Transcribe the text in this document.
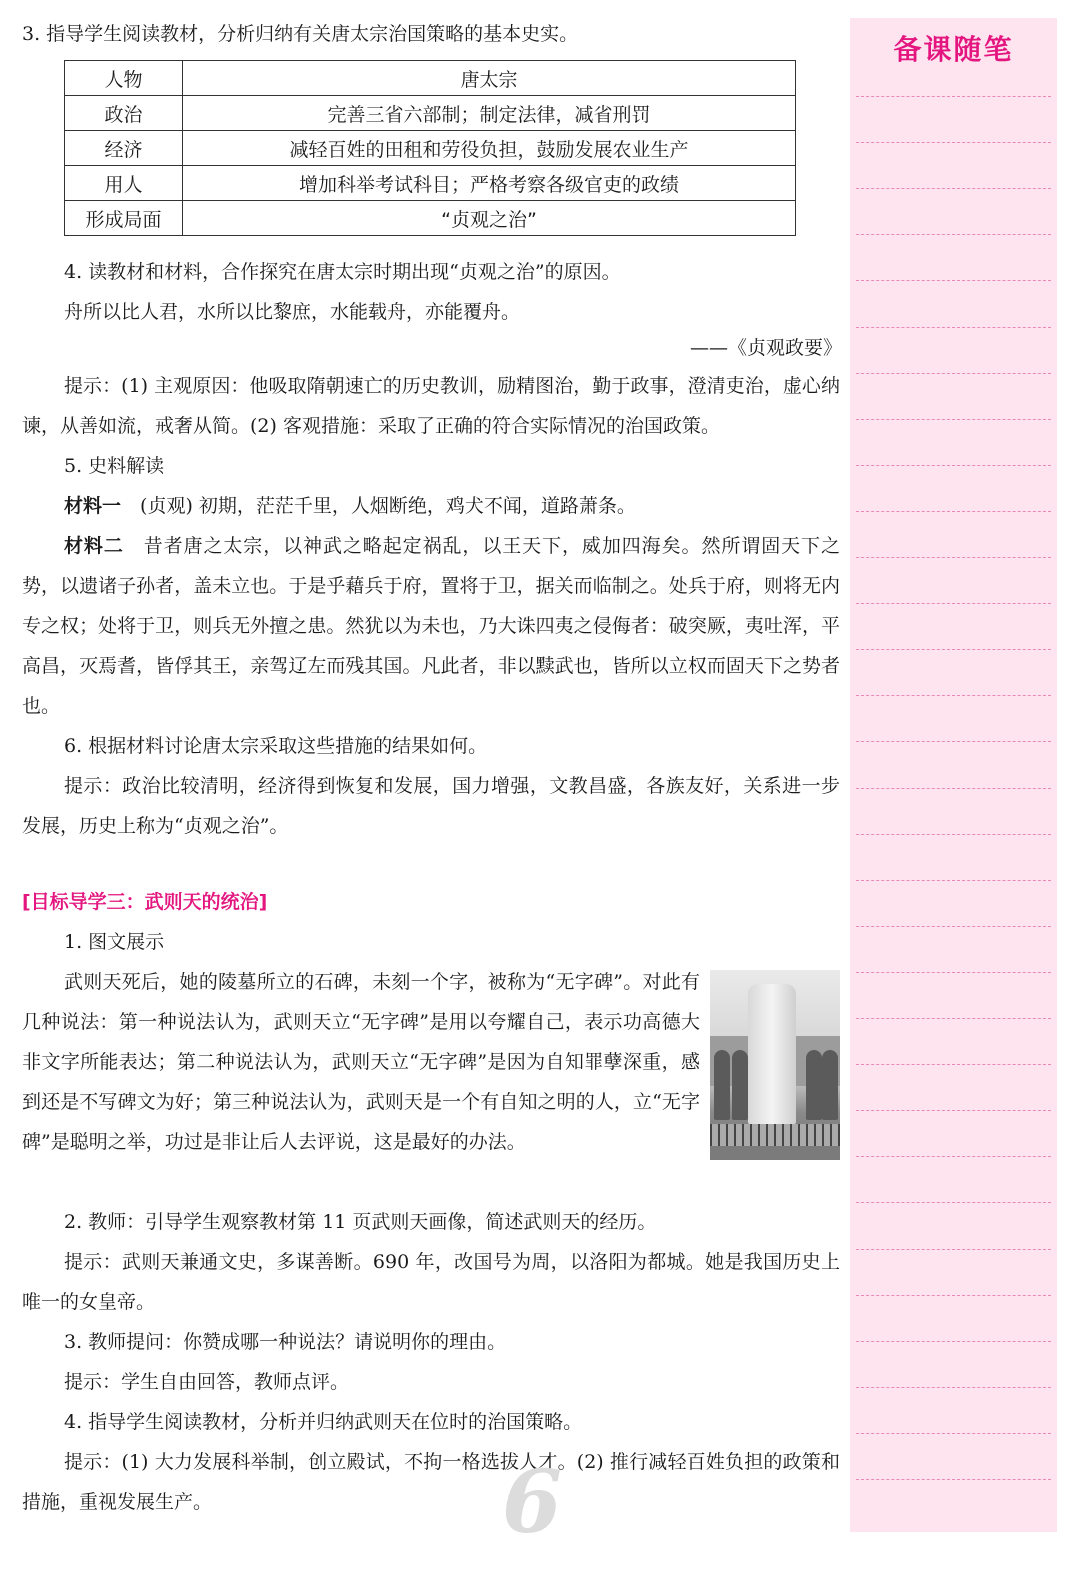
3. 指导学生阅读教材，分析归纳有关唐太宗治国策略的基本史实。
人物	唐太宗
政治	完善三省六部制；制定法律，减省刑罚
经济	减轻百姓的田租和劳役负担，鼓励发展农业生产
用人	增加科举考试科目；严格考察各级官吏的政绩
形成局面	“贞观之治”

4. 读教材和材料，合作探究在唐太宗时期出现“贞观之治”的原因。

舟所以比人君，水所以比黎庶，水能载舟，亦能覆舟。

——《贞观政要》

提示：(1) 主观原因：他吸取隋朝速亡的历史教训，励精图治，勤于政事，澄清吏治，虚心纳谏，从善如流，戒奢从简。(2) 客观措施：采取了正确的符合实际情况的治国政策。

5. 史料解读

材料一　 (贞观) 初期，茫茫千里，人烟断绝，鸡犬不闻，道路萧条。

材料二　 昔者唐之太宗，以神武之略起定祸乱，以王天下，威加四海矣。然所谓固天下之势，以遗诸子孙者，盖未立也。于是乎藉兵于府，置将于卫，据关而临制之。处兵于府，则将无内专之权；处将于卫，则兵无外擅之患。然犹以为未也，乃大诛四夷之侵侮者：破突厥，夷吐浑，平高昌，灭焉耆，皆俘其王，亲驾辽左而残其国。凡此者，非以黩武也，皆所以立权而固天下之势者也。

6. 根据材料讨论唐太宗采取这些措施的结果如何。

提示：政治比较清明，经济得到恢复和发展，国力增强，文教昌盛，各族友好，关系进一步发展，历史上称为“贞观之治”。

[目标导学三：武则天的统治]

1. 图文展示

武则天死后，她的陵墓所立的石碑，未刻一个字，被称为“无字碑”。对此有几种说法：第一种说法认为，武则天立“无字碑”是用以夸耀自己，表示功高德大非文字所能表达；第二种说法认为，武则天立“无字碑”是因为自知罪孽深重，感到还是不写碑文为好；第三种说法认为，武则天是一个有自知之明的人，立“无字碑”是聪明之举，功过是非让后人去评说，这是最好的办法。

2. 教师：引导学生观察教材第 11 页武则天画像，简述武则天的经历。

提示：武则天兼通文史，多谋善断。690 年，改国号为周，以洛阳为都城。她是我国历史上唯一的女皇帝。

3. 教师提问：你赞成哪一种说法？请说明你的理由。

提示：学生自由回答，教师点评。

4. 指导学生阅读教材，分析并归纳武则天在位时的治国策略。

提示：(1) 大力发展科举制，创立殿试，不拘一格选拔人才。(2) 推行减轻百姓负担的政策和措施，重视发展生产。	6
备课随笔
